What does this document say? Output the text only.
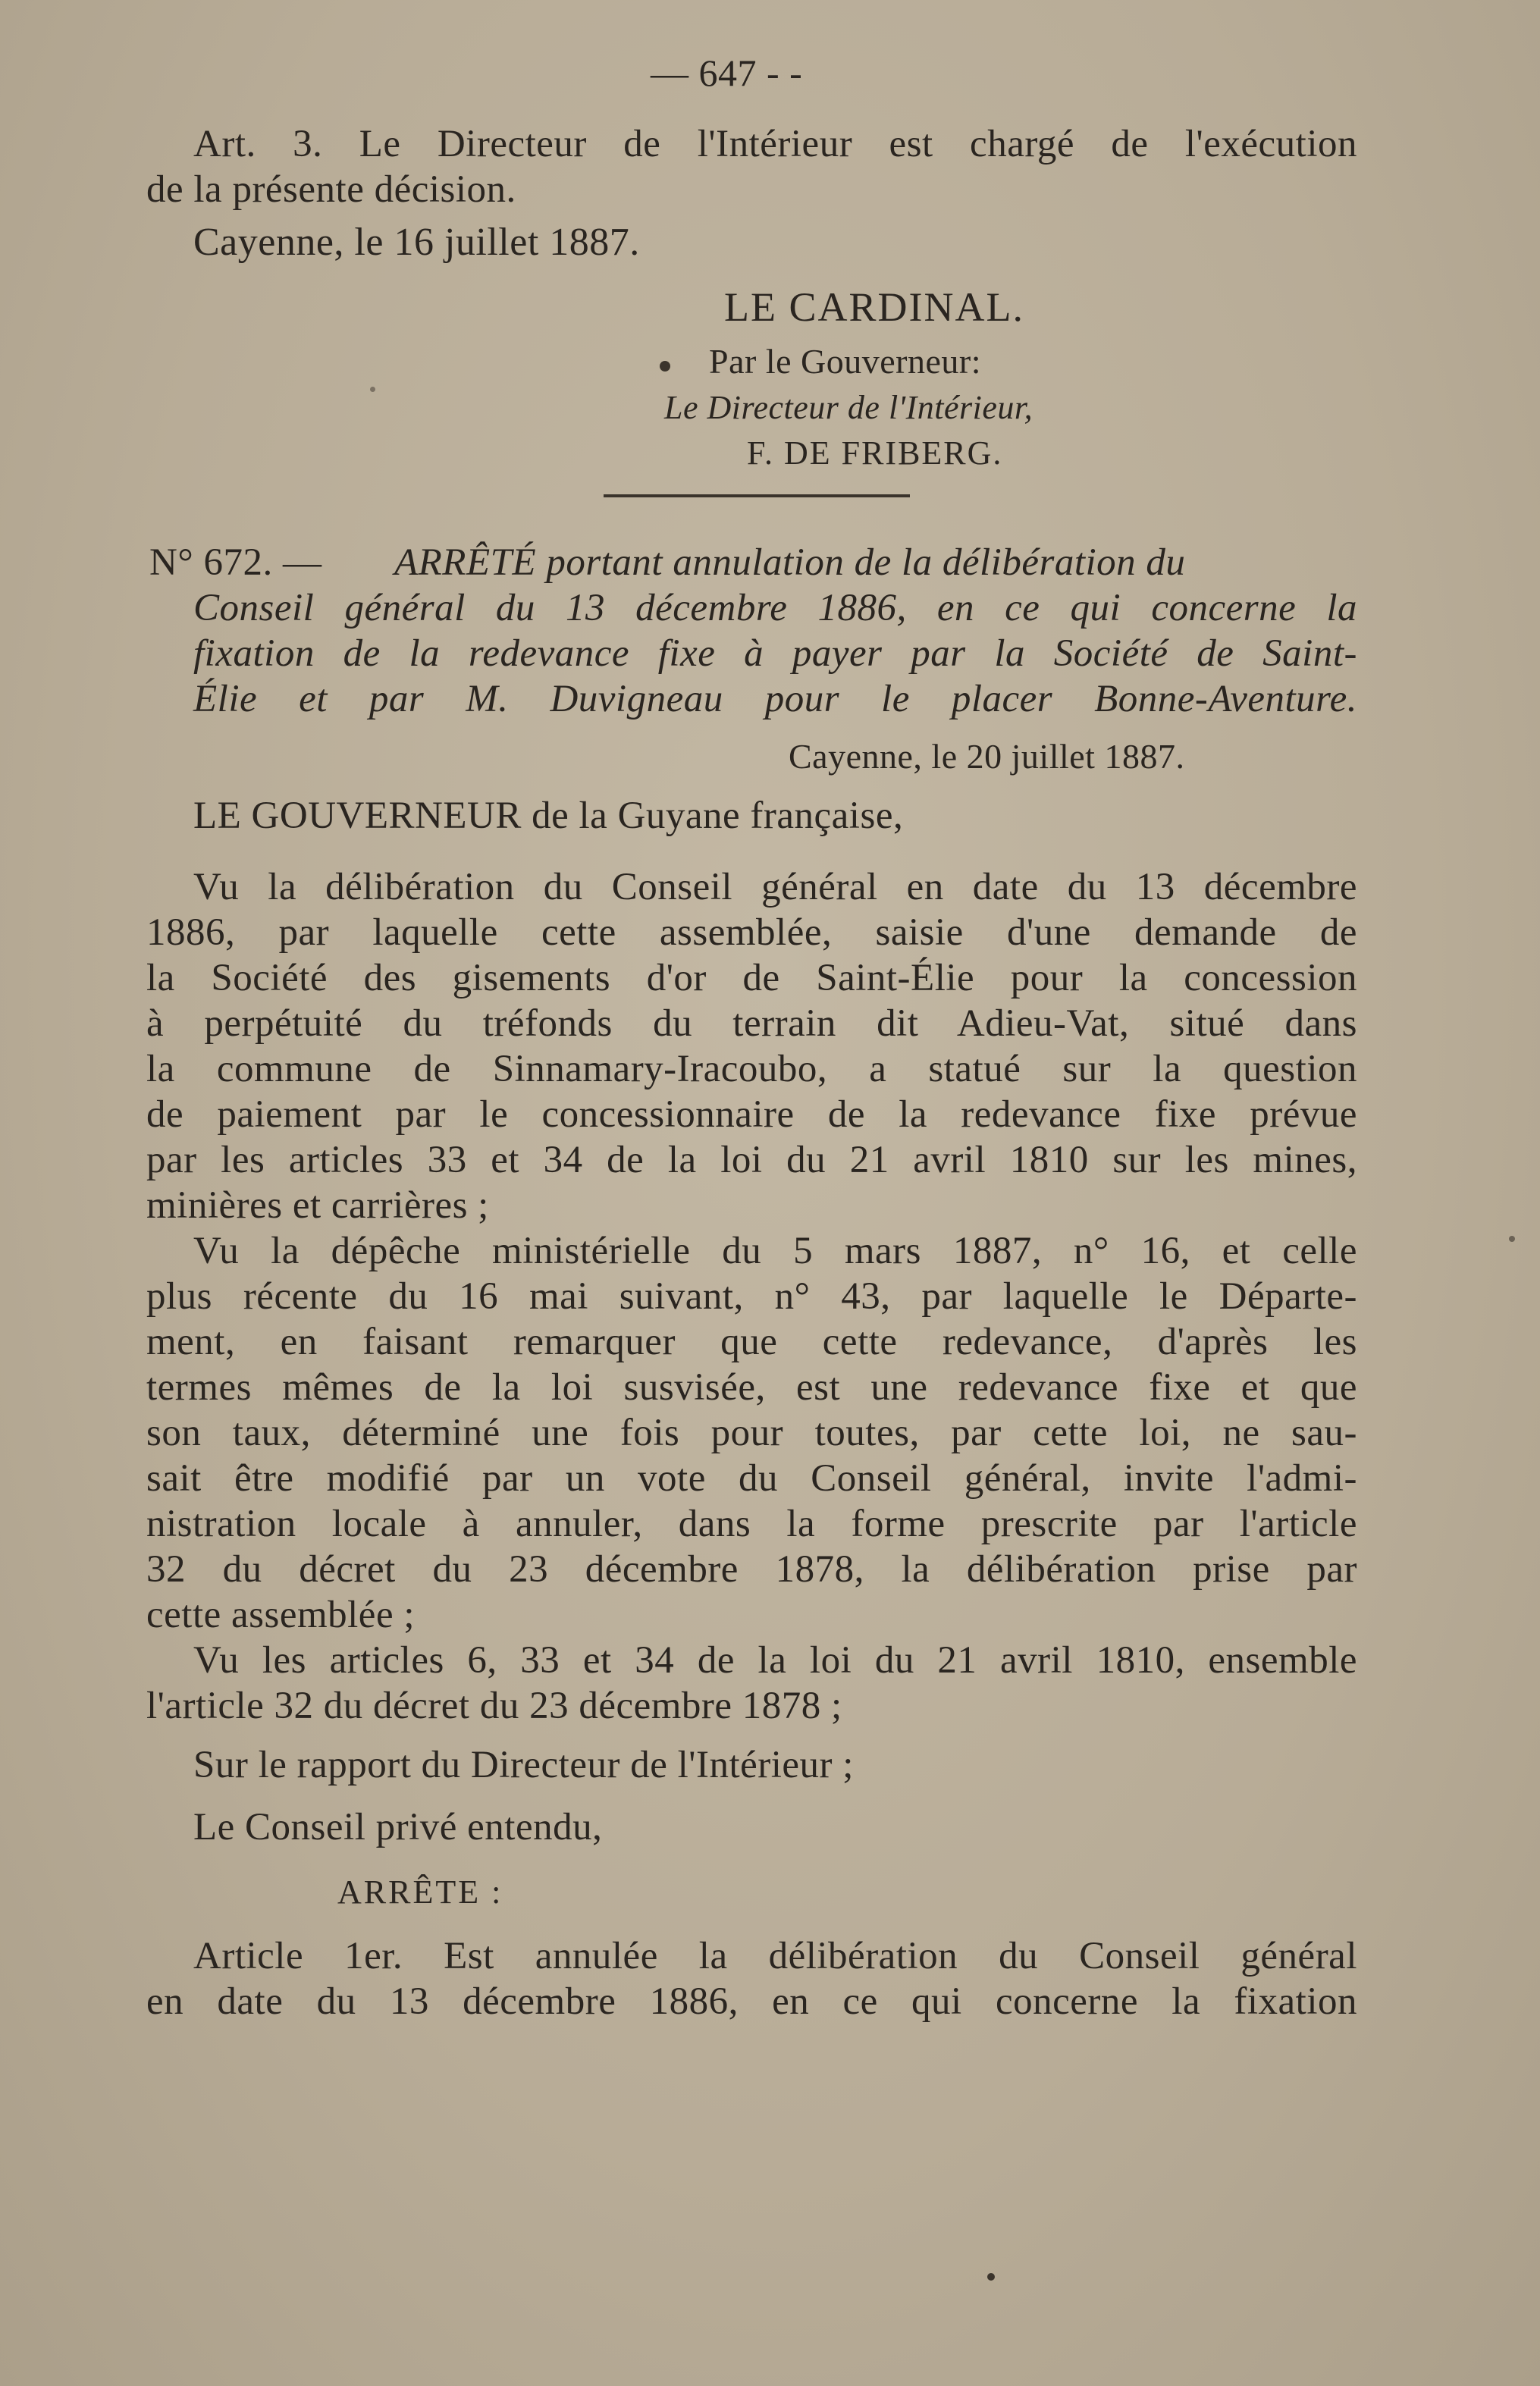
— 647 - -
Art. 3. Le Directeur de l'Intérieur est chargé de l'exécution
de la présente décision.
Cayenne, le 16 juillet 1887.
LE CARDINAL.
Par le Gouverneur:
Le Directeur de l'Intérieur,
F. DE FRIBERG.
N° 672. — ARRÊTÉ portant annulation de la délibération du
Conseil général du 13 décembre 1886, en ce qui concerne la
fixation de la redevance fixe à payer par la Société de Saint-
Élie et par M. Duvigneau pour le placer Bonne-Aventure.
Cayenne, le 20 juillet 1887.
LE GOUVERNEUR de la Guyane française,
Vu la délibération du Conseil général en date du 13 décembre
1886, par laquelle cette assemblée, saisie d'une demande de
la Société des gisements d'or de Saint-Élie pour la concession
à perpétuité du tréfonds du terrain dit Adieu-Vat, situé dans
la commune de Sinnamary-Iracoubo, a statué sur la question
de paiement par le concessionnaire de la redevance fixe prévue
par les articles 33 et 34 de la loi du 21 avril 1810 sur les mines,
minières et carrières ;
Vu la dépêche ministérielle du 5 mars 1887, n° 16, et celle
plus récente du 16 mai suivant, n° 43, par laquelle le Départe-
ment, en faisant remarquer que cette redevance, d'après les
termes mêmes de la loi susvisée, est une redevance fixe et que
son taux, déterminé une fois pour toutes, par cette loi, ne sau-
sait être modifié par un vote du Conseil général, invite l'admi-
nistration locale à annuler, dans la forme prescrite par l'article
32 du décret du 23 décembre 1878, la délibération prise par
cette assemblée ;
Vu les articles 6, 33 et 34 de la loi du 21 avril 1810, ensemble
l'article 32 du décret du 23 décembre 1878 ;
Sur le rapport du Directeur de l'Intérieur ;
Le Conseil privé entendu,
ARRÊTE :
Article 1er. Est annulée la délibération du Conseil général
en date du 13 décembre 1886, en ce qui concerne la fixation
